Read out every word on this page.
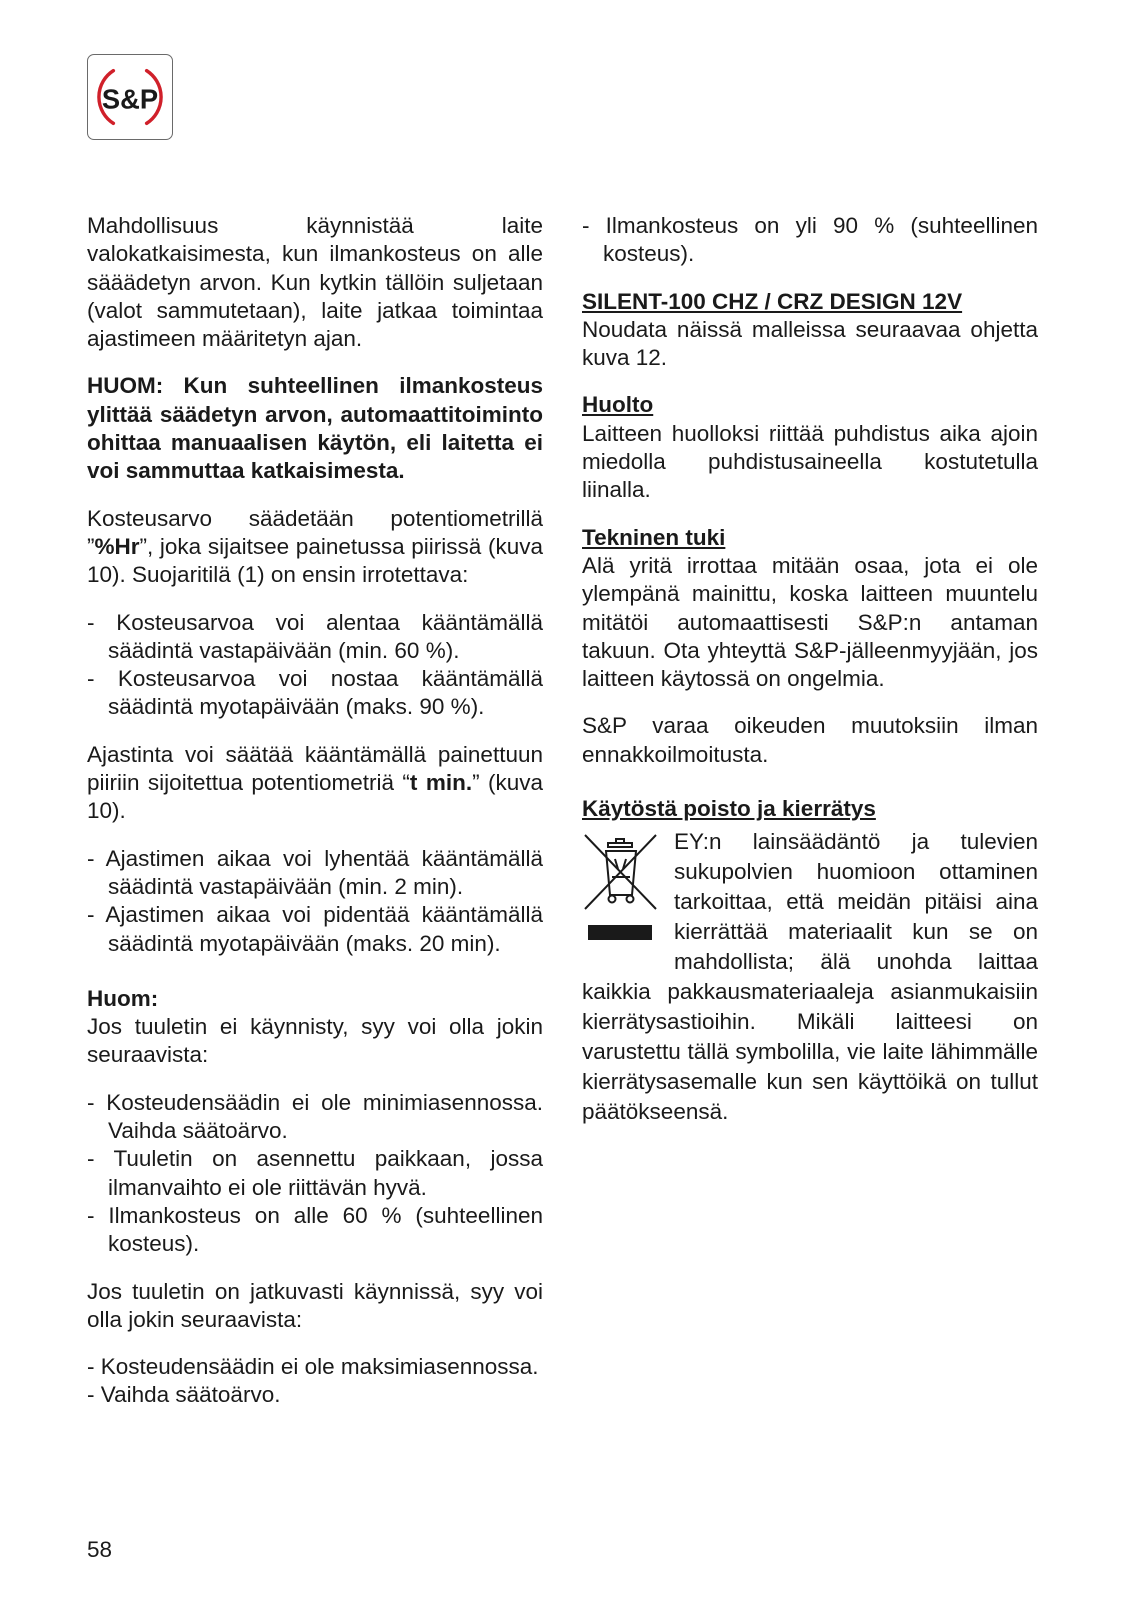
S&P

Mahdollisuus käynnistää laite valokatkaisimesta, kun ilmankosteus on alle sääädetyn arvon. Kun kytkin tällöin suljetaan (valot sammutetaan), laite jatkaa toimintaa ajastimeen määritetyn ajan.

HUOM: Kun suhteellinen ilmankosteus ylittää säädetyn arvon, automaattitoiminto ohittaa manuaalisen käytön, eli laitetta ei voi sammuttaa katkaisimesta.

Kosteusarvo säädetään potentiometrillä ”%Hr”, joka sijaitsee painetussa piirissä (kuva 10). Suojaritilä (1) on ensin irrotettava:

- Kosteusarvoa voi alentaa kääntämällä säädintä vastapäivään (min. 60 %).
- Kosteusarvoa voi nostaa kääntämällä säädintä myotapäivään (maks. 90 %).

Ajastinta voi säätää kääntämällä painettuun piiriin sijoitettua potentiometriä “t min.” (kuva 10).

- Ajastimen aikaa voi lyhentää kääntämällä säädintä vastapäivään (min. 2 min).
- Ajastimen aikaa voi pidentää kääntämällä säädintä myotapäivään (maks. 20 min).

Huom:

Jos tuuletin ei käynnisty, syy voi olla jokin seuraavista:

- Kosteudensäädin ei ole minimiasennossa. Vaihda säätoärvo.
- Tuuletin on asennettu paikkaan, jossa ilmanvaihto ei ole riittävän hyvä.
- Ilmankosteus on alle 60 % (suhteellinen kosteus).

Jos tuuletin on jatkuvasti käynnissä, syy voi olla jokin seuraavista:

- Kosteudensäädin ei ole maksimiasennossa.
- Vaihda säätoärvo.
- Ilmankosteus on yli 90 % (suhteellinen kosteus).

SILENT-100 CHZ / CRZ DESIGN 12V

Noudata näissä malleissa seuraavaa ohjetta kuva 12.

Huolto

Laitteen huolloksi riittää puhdistus aika ajoin miedolla puhdistusaineella kostutetulla liinalla.

Tekninen tuki

Alä yritä irrottaa mitään osaa, jota ei ole ylempänä mainittu, koska laitteen muuntelu mitätöi automaattisesti S&P:n antaman takuun. Ota yhteyttä S&P-jälleenmyyjään, jos laitteen käytossä on ongelmia.

S&P varaa oikeuden muutoksiin ilman ennakkoilmoitusta.

Käytöstä poisto ja kierrätys

EY:n lainsäädäntö ja tulevien sukupolvien huomioon ottaminen tarkoittaa, että meidän pitäisi aina kierrättää materiaalit kun se on mahdollista; älä unohda laittaa kaikkia pakkausmateriaaleja asianmukaisiin kierrätysastioihin. Mikäli laitteesi on varustettu tällä symbolilla, vie laite lähimmälle kierrätysasemalle kun sen käyttöikä on tullut päätökseensä.

58
